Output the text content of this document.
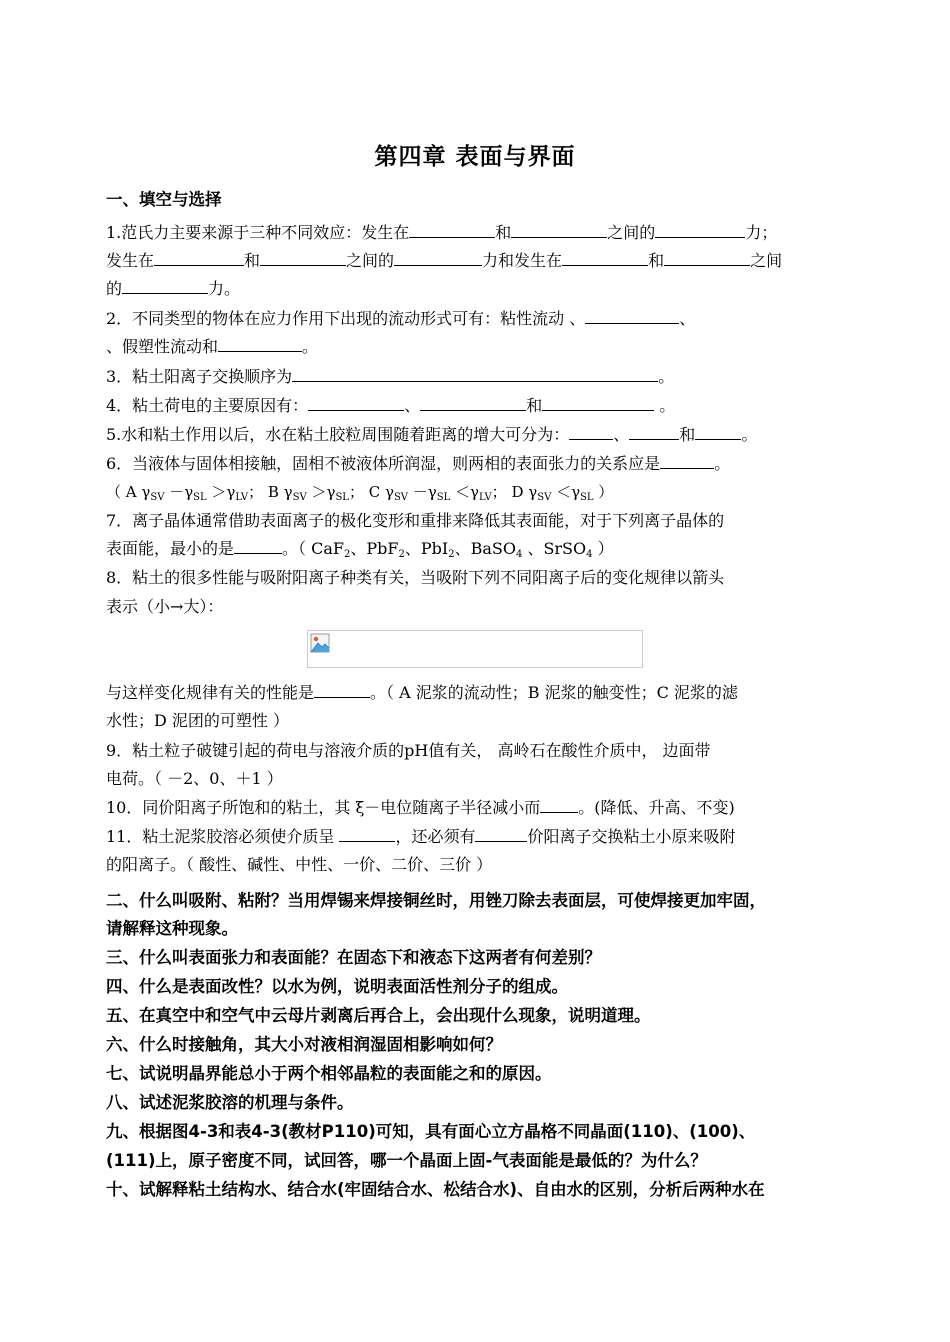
第四章 表面与界面
一、填空与选择
1.范氏力主要来源于三种不同效应：发生在	和	之间的	力；
发生在	和	之间的	力和发生在	和	之间
的	力。
2．不同类型的物体在应力作用下出现的流动形式可有：粘性流动 、	、
、假塑性流动和	。
3．粘土阳离子交换顺序为	。
4．粘土荷电的主要原因有：	、	和	。
5.水和粘土作用以后，水在粘土胶粒周围随着距离的增大可分为：	、	和	。
6．当液体与固体相接触，固相不被液体所润湿，则两相的表面张力的关系应是	。
（ A $\gamma_{SV} -\gamma_{SL} >\gamma_{LV}$； B $\gamma_{SV} >\gamma_{SL}$； C $\gamma_{SV} -\gamma_{SL} <\gamma_{LV}$； D $\gamma_{SV} <\gamma_{SL}$ ）
7．离子晶体通常借助表面离子的极化变形和重排来降低其表面能，对于下列离子晶体的
表面能，最小的是	。（ CaF$_2$、PbF$_2$、PbI$_2$、BaSO$_4$ 、SrSO$_4$ ）
8．粘土的很多性能与吸附阳离子种类有关，当吸附下列不同阳离子后的变化规律以箭头
表示（小→大）：
与这样变化规律有关的性能是	。（ A 泥浆的流动性；B 泥浆的触变性；C 泥浆的滤
水性；D 泥团的可塑性 ）
9．粘土粒子破键引起的荷电与溶液介质的pH值有关， 高岭石在酸性介质中， 边面带
电荷。（ －2、0、＋1 ）
10．同价阳离子所饱和的粘土，其 ξ－电位随离子半径减小而 。(降低、升高、不变)
11．粘土泥浆胶溶必须使介质呈	，还必须有	价阳离子交换粘土小原来吸附
的阳离子。（ 酸性、碱性、中性、一价、二价、三价 ）
二、什么叫吸附、粘附？当用焊锡来焊接铜丝时，用锉刀除去表面层，可使焊接更加牢固，
请解释这种现象。
三、什么叫表面张力和表面能？在固态下和液态下这两者有何差别？
四、什么是表面改性？以水为例，说明表面活性剂分子的组成。
五、在真空中和空气中云母片剥离后再合上，会出现什么现象，说明道理。
六、什么时接触角，其大小对液相润湿固相影响如何？
七、试说明晶界能总小于两个相邻晶粒的表面能之和的原因。
八、试述泥浆胶溶的机理与条件。
九、根据图4-3和表4-3(教材P110)可知，具有面心立方晶格不同晶面(110)、(100)、
(111)上，原子密度不同，试回答，哪一个晶面上固-气表面能是最低的？为什么？
十、试解释粘土结构水、结合水(牢固结合水、松结合水)、自由水的区别，分析后两种水在
